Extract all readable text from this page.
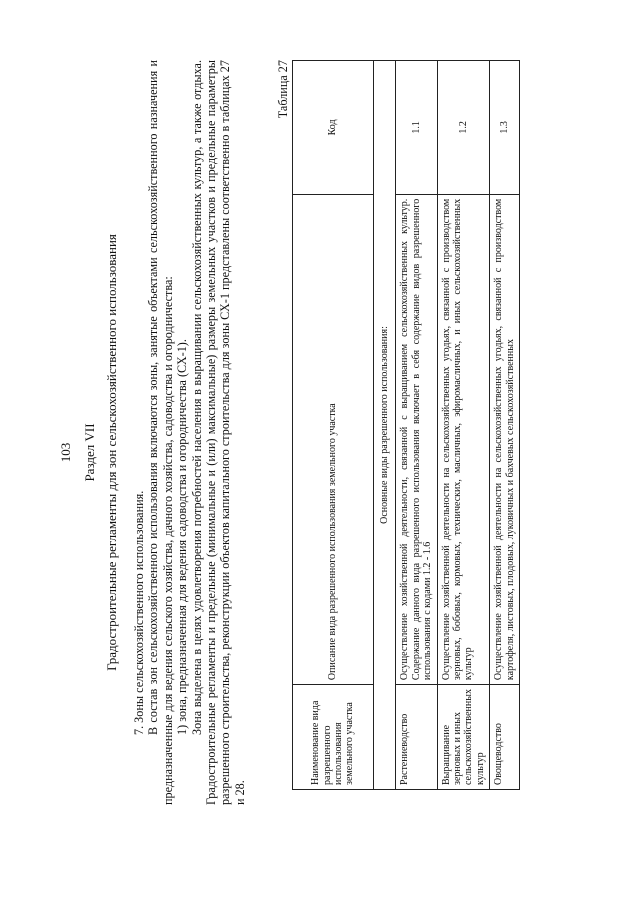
103 Раздел VII Градостроительные регламенты для зон сельскохозяйственного использования 7. Зоны сельскохозяйственного использования. В состав зон сельскохозяйственного использования включаются зоны, занятые объектами сельскохозяйственного назначения и предназначенные для ведения сельского хозяйства, дачного хозяйства, садоводства и огородничества: 1) зона, предназначенная для ведения садоводства и огородничества (СХ-1). Зона выделена в целях удовлетворения потребностей населения в выращивании сельскохозяйственных культур, а также отдыха. Градостроительные регламенты и предельные (минимальные и (или) максимальные) размеры земельных участков и предельные параметры разрешенного строительства, реконструкции объектов капитального строительства для зоны СХ-1 представлены соответственно в таблицах 27 и 28.

Таблица 27
Наименование вида разрешенного использования земельного участка	Описание вида разрешенного использования земельного участка	Код
Основные виды разрешенного использования:		
Растениеводство	Осуществление хозяйственной деятельности, связанной с выращиванием сельскохозяйственных культур. Содержание данного вида разрешенного использования включает в себя содержание видов разрешенного использования с кодами 1.2 - 1.6	1.1
Выращивание зерновых и иных сельскохозяйственных культур	Осуществление хозяйственной деятельности на сельскохозяйственных угодьях, связанной с производством зерновых, бобовых, кормовых, технических, масличных, эфиромасличных, и иных сельскохозяйственных культур	1.2
Овощеводство	Осуществление хозяйственной деятельности на сельскохозяйственных угодьях, связанной с производством картофеля, листовых, плодовых, луковичных и бахчевых сельскохозяйственных	1.3
